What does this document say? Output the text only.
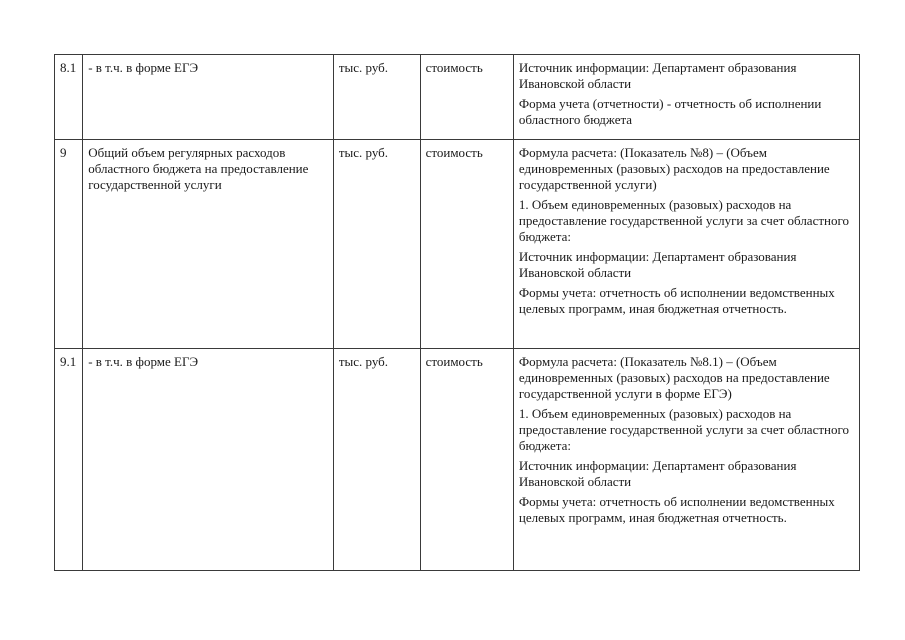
8.1	- в т.ч. в форме ЕГЭ	тыс. руб.	стоимость	Источник информации: Департамент образования Ивановской области

Форма учета (отчетности) - отчетность об исполнении областного бюджета

9	Общий объем регулярных расходов областного бюджета на предоставление государственной услуги	тыс. руб.	стоимость	Формула расчета: (Показатель №8) – (Объем единовременных (разовых) расходов на предоставление государственной услуги)

1. Объем единовременных (разовых) расходов на предоставление государственной услуги за счет областного бюджета:

Источник информации: Департамент образования Ивановской области

Формы учета: отчетность об исполнении ведомственных целевых программ, иная бюджетная отчетность.

9.1	- в т.ч. в форме ЕГЭ	тыс. руб.	стоимость	Формула расчета: (Показатель №8.1) – (Объем единовременных (разовых) расходов на предоставление государственной услуги в форме ЕГЭ)

1. Объем единовременных (разовых) расходов на предоставление государственной услуги за счет областного бюджета:

Источник информации: Департамент образования Ивановской области

Формы учета: отчетность об исполнении ведомственных целевых программ, иная бюджетная отчетность.
